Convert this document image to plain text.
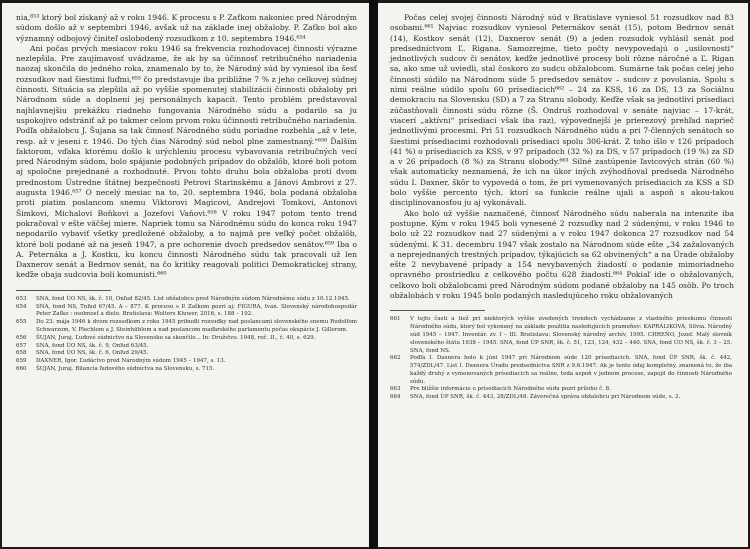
nia,⁶⁵³ ktorý bol získaný až v roku 1946. K procesu s P. Zaťkom nakoniec pred Národným súdom došlo až v septembri 1946, avšak už na základe inej obžaloby. P. Zaťko bol ako významný odbojový činiteľ oslobodený rozsudkom z 10. septembra 1946.⁶⁵⁴

Ani počas prvých mesiacov roku 1946 sa frekvencia rozhodovacej činnosti výrazne nezlepšila. Pre zaujímavosť uvádzame, že ak by sa účinnosť retribučného nariadenia naozaj skončila do jedného roka, znamenalo by to, že Národný súd by vyniesol iba šesť rozsudkov nad šiestimi ľuďmi,⁶⁵⁵ čo predstavuje iba približne 7 % z jeho celkovej súdnej činnosti. Situácia sa zlepšila až po vyššie spomenutej stabilizácii činnosti obžaloby pri Národnom súde a doplnení jej personálnych kapacít. Tento problém predstavoval najhlavnejšiu prekážku riadneho fungovania Národného súdu a podarilo sa ju uspokojivo odstrániť až po takmer celom prvom roku účinnosti retribučného nariadenia. Podľa obžalobcu J. Šujana sa tak činnosť Národného súdu poriadne rozbehla „až v lete, resp. až v jeseni r. 1946. Do tých čias Národný súd nebol plne zamestnaný.“⁶⁵⁶ Ďalším faktorom, vďaka ktorému došlo k urýchleniu procesu vybavovania retribučných vecí pred Národným súdom, bolo spájanie podobných prípadov do obžalôb, ktoré boli potom aj spoločne prejednané a rozhodnuté. Prvou tohto druhu bola obžaloba proti dvom prednostom Ústredne štátnej bezpečnosti Petrovi Starinskému a Jánovi Ambrovi z 27. augusta 1946.⁶⁵⁷ O necelý mesiac na to, 20. septembra 1946, bola podaná obžaloba proti piatim poslancom snemu Viktorovi Magicovi, Andrejovi Tomkovi, Antonovi Šimkovi, Michalovi Boňkovi a Jozefovi Vaňovi.⁶⁵⁸ V roku 1947 potom tento trend pokračoval v ešte väčšej miere. Napriek tomu sa Národnému súdu do konca roku 1947 nepodarilo vybaviť všetky predložené obžaloby, a to najmä pre veľký počet obžalôb, ktoré boli podané až na jeseň 1947, a pre ochorenie dvoch predsedov senátov.⁶⁵⁹ Iba o A. Peternáka a J. Kostku, ku koncu činnosti Národného súdu tak pracovali už len Daxnerov senát a Bedrnov senát, na čo kritiky reagovali politici Demokratickej strany, keďže obaja sudcovia boli komunisti.⁶⁶⁰

653	SNA, fond ÚO NS, šk. č. 10, Onľud 82/45. List obžalobcu pred Národným súdom Národnému súdu z 10.12.1945.
654	SNA, fond NS, Tnľud 67/45. A – 877. K procesu s P. Zaťkom pozri aj: FIGURA, Ivan. Slovenský národohospodár Peter Zaťko : osobnosť a dielo. Bratislava: Wolters Kluwer, 2016, s. 188 – 192.
655	Do 23. mája 1946 k dvom rozsudkom z roku 1945 pribudli rozsudky nad poslancami slovenského snemu Rudolfom Schwarzom, V. Plechlom a J. Steinhüblom a nad poslancom maďarského parlamentu počas okupácie J. Gillerom.
656	ŠUJAN, Juraj. Ľudové súdnictvo na Slovensku sa skončilo... In: Družstvo. 1948, roč. II., č. 40, s. 629.
657	SNA, fond ÚO NS, šk. č. 9, Onľud 63/45.
658	SNA, fond ÚO NS, šk. č. 6, Onľud 29/45.
659	DAXNER, Igor. Ľudáctvo pred Národným súdom 1945 – 1947, s. 13.
660	ŠUJAN, Juraj. Bilancia ľudového súdnictva na Slovensku, s. 715.

Počas celej svojej činnosti Národný súd v Bratislave vyniesol 51 rozsudkov nad 83 osobami.⁶⁶¹ Najviac rozsudkov vyniesol Peternákov senát (15), potom Bedrnov senát (14), Kostkov senát (12), Daxnerov senát (9) a jeden rozsudok vyhlásil senát pod predsedníctvom Ľ. Rigana. Samozrejme, tieto počty nevypovedajú o „usilovnosti“ jednotlivých sudcov či senátov, keďže jednotlivé procesy boli rôzne náročné a Ľ. Rigan sa, ako sme už uviedli, stal čoskoro zo sudcu obžalobcom. Sumárne tak počas celej jeho činnosti súdilo na Národnom súde 5 predsedov senátov – sudcov z povolania. Spolu s nimi reálne súdilo spolu 60 prísediacich⁶⁶² – 24 za KSS, 16 za DS, 13 za Sociálnu demokraciu na Slovensku (SD) a 7 za Stranu slobody. Keďže však sa jednotliví prísediaci zúčastňovali činnosti súdu rôzne (Š. Ondruš rozhodoval v senáte najviac – 17-krát, viacerí „aktívni“ prísediaci však iba raz), výpovednejší je prierezový prehľad naprieč jednotlivými procesmi. Pri 51 rozsudkoch Národného súdu a pri 7-členných senátoch so šiestimi prísediacimi rozhodovali prísediaci spolu 306-krát. Z toho išlo v 126 prípadoch (41 %) o prísediacich za KSS, v 97 prípadoch (32 %) za DS, v 57 prípadoch (19 %) za SD a v 26 prípadoch (8 %) za Stranu slobody.⁶⁶³ Silné zastúpenie ľavicových strán (60 %) však automaticky neznamená, že ich na úkor iných zvýhodňoval predseda Národného súdu I. Daxner, škôr to vypovedá o tom, že pri vymenovaných prísediacich za KSS a SD bolo vyššie percento tých, ktorí sa funkcie reálne ujali a aspoň s akou-takou disciplinovanosťou ju aj vykonávali.

Ako bolo už vyššie naznačené, činnosť Národného súdu naberala na intenzite iba postupne. Kým v roku 1945 boli vynesené 2 rozsudky nad 2 súdenými, v roku 1946 to bolo už 22 rozsudkov nad 27 súdenými a v roku 1947 dokonca 27 rozsudkov nad 54 súdenými. K 31. decembru 1947 však zostalo na Národnom súde ešte „34 zažalovaných a neprejednaných trestných prípadov, týkajúcich sa 62 obvinených“ a na Úrade obžaloby ešte 2 nevybavené prípady a 154 nevybavených žiadostí o podanie mimoriadneho opravného prostriedku z celkového počtu 628 žiadostí.⁶⁶⁴ Pokiaľ ide o obžalovaných, celkovo boli obžalobcami pred Národným súdom podané obžaloby na 145 osôb. Po troch obžalobách v roku 1945 bolo podaných nasledujúceho roku obžalovaných

661	V tejto časti a tiež pri niektorých vyššie uvedených trendoch vychádzame z vlastného prieskumu činnosti Národného súdu, ktorý bol vykonaný na základe použitia nasledujúcich prameňov: KAPRÁLIKOVÁ, Silvia. Národný súd 1945 – 1947. Inventár. zv. I – III. Bratislava: Slovenský národný archív, 1995. CHREŇO, Jozef. Malý slovník slovenského štátu 1938 – 1945. SNA, fond ÚP SNR, šk. č. 51, 123, 124, 432 – 440. SNA, fond ÚO NS, šk. č. 3 – 25. SNA, fond NS.
662	Podľa I. Daxnera bolo k júni 1947 pri Národnom súde 120 prísediacich. SNA, fond ÚP SNR, šk. č. 442, 574/ZDL/47. List I. Daxnera Úradu predsedníctva SNR z 9.6.1947. Ak je tento údaj kompletný, znamená to, že iba každý druhý z vymenovaných prísediacich sa reálne, teda aspoň v jednom procese, zapojil do činnosti Národného súdu.
663	Pre bližšie informácie o prísediacich Národného súdu pozri prílohu č. 8.
664	SNA, fond ÚP SNR, šk. č. 443, 28/ZDL/48. Záverečná správa obžalobcu pri Národnom súde, s. 2.
